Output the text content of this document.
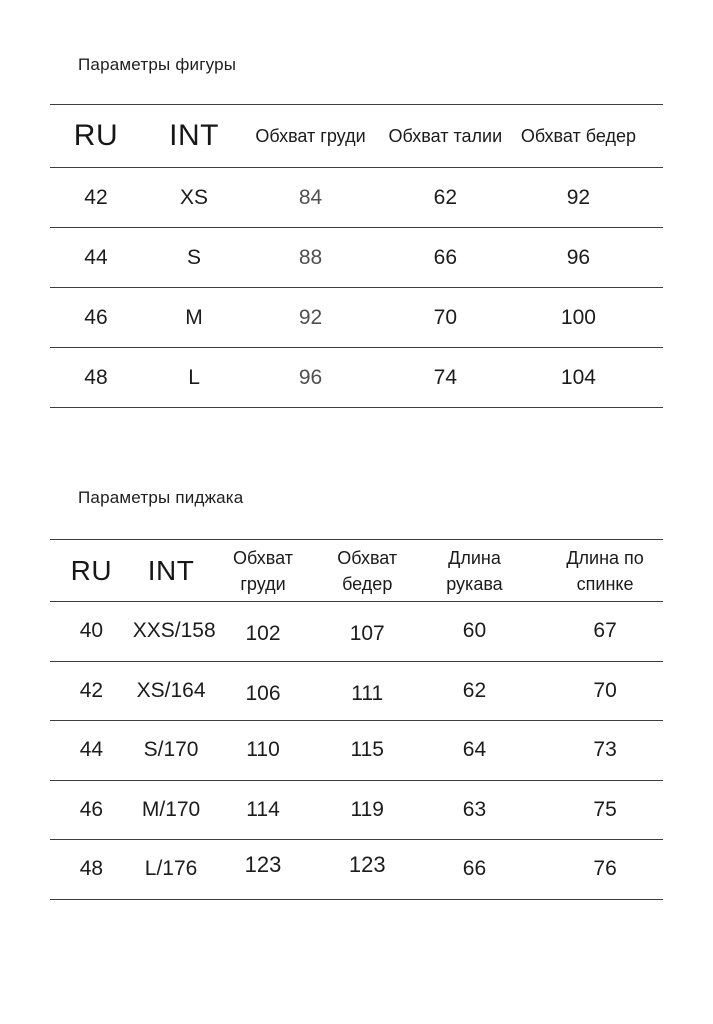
Параметры фигуры
RU	INT	Обхват груди	Обхват талии	Обхват бедер
42	XS	84	62	92
44	S	88	66	96
46	M	92	70	100
48	L	96	74	104
Параметры пиджака
RU	INT	Обхват груди	Обхват бедер	Длина рукава	Длина по спинке
40	XXS/158	102	107	60	67
42	XS/164	106	111	62	70
44	S/170	110	115	64	73
46	M/170	114	119	63	75
48	L/176	123	123	66	76
